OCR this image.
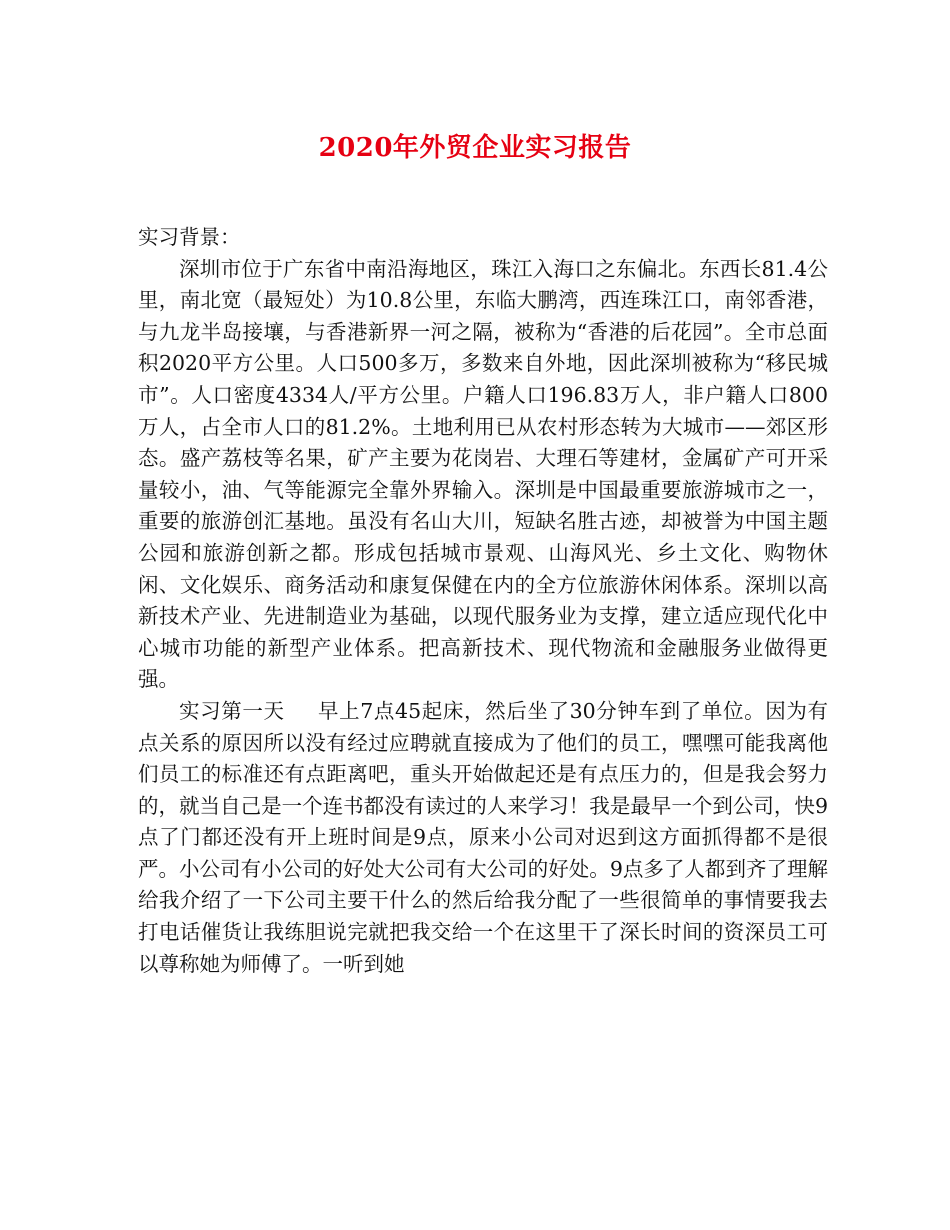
2020年外贸企业实习报告

实习背景：

深圳市位于广东省中南沿海地区，珠江入海口之东偏北。东西长81.4公里，南北宽（最短处）为10.8公里，东临大鹏湾，西连珠江口，南邻香港，与九龙半岛接壤，与香港新界一河之隔，被称为“香港的后花园”。全市总面积2020平方公里。人口500多万，多数来自外地，因此深圳被称为“移民城市”。人口密度4334人/平方公里。户籍人口196.83万人，非户籍人口800万人，占全市人口的81.2%。土地利用已从农村形态转为大城市——郊区形态。盛产荔枝等名果，矿产主要为花岗岩、大理石等建材，金属矿产可开采量较小，油、气等能源完全靠外界输入。深圳是中国最重要旅游城市之一，重要的旅游创汇基地。虽没有名山大川，短缺名胜古迹，却被誉为中国主题公园和旅游创新之都。形成包括城市景观、山海风光、乡土文化、购物休闲、文化娱乐、商务活动和康复保健在内的全方位旅游休闲体系。深圳以高新技术产业、先进制造业为基础，以现代服务业为支撑，建立适应现代化中心城市功能的新型产业体系。把高新技术、现代物流和金融服务业做得更强。

实习第一天 早上7点45起床，然后坐了30分钟车到了单位。因为有点关系的原因所以没有经过应聘就直接成为了他们的员工，嘿嘿可能我离他们员工的标准还有点距离吧，重头开始做起还是有点压力的，但是我会努力的，就当自己是一个连书都没有读过的人来学习！我是最早一个到公司，快9点了门都还没有开上班时间是9点，原来小公司对迟到这方面抓得都不是很严。小公司有小公司的好处大公司有大公司的好处。9点多了人都到齐了理解给我介绍了一下公司主要干什么的然后给我分配了一些很简单的事情要我去打电话催货让我练胆说完就把我交给一个在这里干了深长时间的资深员工可以尊称她为师傅了。一听到她
